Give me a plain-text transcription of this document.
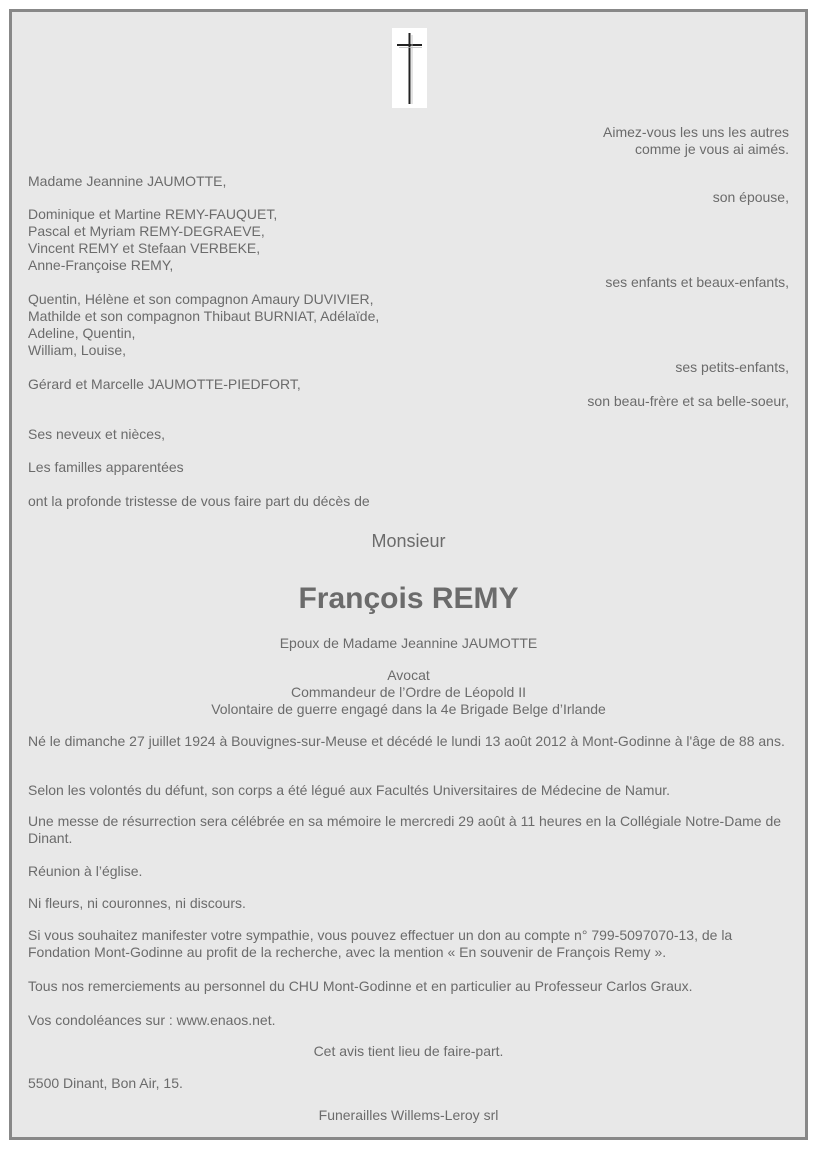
Aimez-vous les uns les autres
comme je vous ai aimés.
Madame Jeannine JAUMOTTE,
son épouse,
Dominique et Martine REMY-FAUQUET,
Pascal et Myriam REMY-DEGRAEVE,
Vincent REMY et Stefaan VERBEKE,
Anne-Françoise REMY,
ses enfants et beaux-enfants,
Quentin, Hélène et son compagnon Amaury DUVIVIER,
Mathilde et son compagnon Thibaut BURNIAT, Adélaïde,
Adeline, Quentin,
William, Louise,
ses petits-enfants,
Gérard et Marcelle JAUMOTTE-PIEDFORT,
son beau-frère et sa belle-soeur,
Ses neveux et nièces,
Les familles apparentées
ont la profonde tristesse de vous faire part du décès de
Monsieur
François REMY
Epoux de Madame Jeannine JAUMOTTE
Avocat
Commandeur de l’Ordre de Léopold II
Volontaire de guerre engagé dans la 4e Brigade Belge d’Irlande
Né le dimanche 27 juillet 1924 à Bouvignes-sur-Meuse et décédé le lundi 13 août 2012 à Mont-Godinne à l'âge de 88 ans.
Selon les volontés du défunt, son corps a été légué aux Facultés Universitaires de Médecine de Namur.
Une messe de résurrection sera célébrée en sa mémoire le mercredi 29 août à 11 heures en la Collégiale Notre-Dame de Dinant.
Réunion à l’église.
Ni fleurs, ni couronnes, ni discours.
Si vous souhaitez manifester votre sympathie, vous pouvez effectuer un don au compte n° 799-5097070-13, de la Fondation Mont-Godinne au profit de la recherche, avec la mention « En souvenir de François Remy ».
Tous nos remerciements au personnel du CHU Mont-Godinne et en particulier au Professeur Carlos Graux.
Vos condoléances sur : www.enaos.net.
Cet avis tient lieu de faire-part.
5500 Dinant, Bon Air, 15.
Funerailles Willems-Leroy srl
